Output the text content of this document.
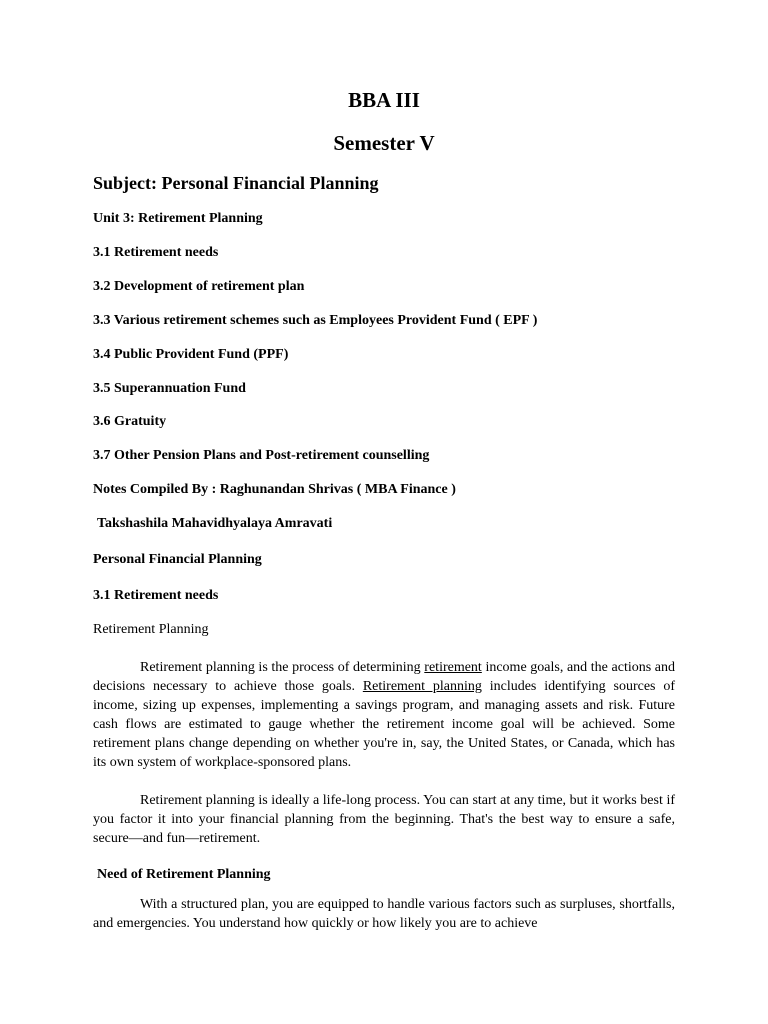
BBA III
Semester V
Subject: Personal Financial Planning
Unit 3: Retirement Planning
3.1 Retirement needs
3.2 Development of retirement plan
3.3 Various retirement schemes such as Employees Provident Fund ( EPF )
3.4 Public Provident Fund (PPF)
3.5 Superannuation Fund
3.6 Gratuity
3.7 Other Pension Plans and Post-retirement counselling
Notes Compiled By : Raghunandan Shrivas ( MBA Finance )
Takshashila Mahavidhyalaya Amravati
Personal Financial Planning
3.1 Retirement needs
Retirement Planning
Retirement planning is the process of determining retirement income goals, and the actions and decisions necessary to achieve those goals. Retirement planning includes identifying sources of income, sizing up expenses, implementing a savings program, and managing assets and risk. Future cash flows are estimated to gauge whether the retirement income goal will be achieved. Some retirement plans change depending on whether you're in, say, the United States, or Canada, which has its own system of workplace-sponsored plans.
Retirement planning is ideally a life-long process. You can start at any time, but it works best if you factor it into your financial planning from the beginning. That's the best way to ensure a safe, secure—and fun—retirement.
Need of Retirement Planning
With a structured plan, you are equipped to handle various factors such as surpluses, shortfalls, and emergencies. You understand how quickly or how likely you are to achieve
